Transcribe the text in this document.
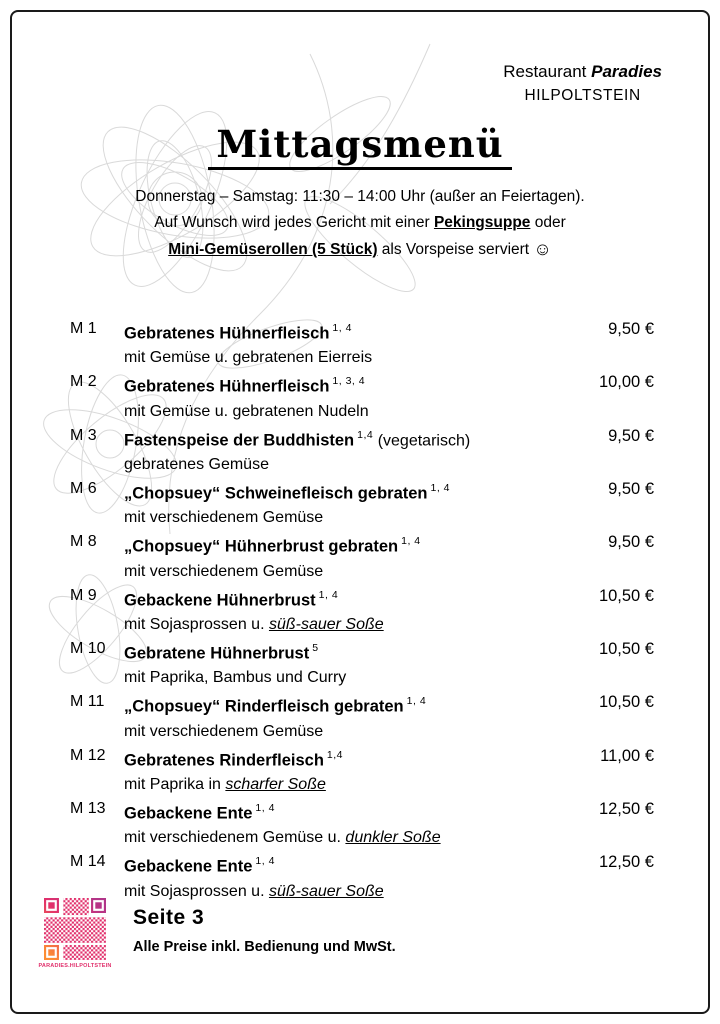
Restaurant Paradies
HILPOLTSTEIN
Mittagsmenü
Donnerstag – Samstag: 11:30 – 14:00 Uhr (außer an Feiertagen).
Auf Wunsch wird jedes Gericht mit einer Pekingsuppe oder
Mini-Gemüserollen (5 Stück) als Vorspeise serviert ☺
M 1	Gebratenes Hühnerfleisch $^{1, 4}$	9,50 €
mit Gemüse u. gebratenen Eierreis
M 2	Gebratenes Hühnerfleisch $^{1, 3, 4}$	10,00 €
mit Gemüse u. gebratenen Nudeln
M 3	Fastenspeise der Buddhisten $^{1,4}$ (vegetarisch)	9,50 €
gebratenes Gemüse
M 6	„Chopsuey“ Schweinefleisch gebraten $^{1, 4}$	9,50 €
mit verschiedenem Gemüse
M 8	„Chopsuey“ Hühnerbrust gebraten $^{1, 4}$	9,50 €
mit verschiedenem Gemüse
M 9	Gebackene Hühnerbrust $^{1, 4}$	10,50 €
mit Sojasprossen u. süß-sauer Soße
M 10	Gebratene Hühnerbrust $^5$	10,50 €
mit Paprika, Bambus und Curry
M 11	„Chopsuey“ Rinderfleisch gebraten $^{1, 4}$	10,50 €
mit verschiedenem Gemüse
M 12	Gebratenes Rinderfleisch $^{1,4}$	11,00 €
mit Paprika in scharfer Soße
M 13	Gebackene Ente $^{1, 4}$	12,50 €
mit verschiedenem Gemüse u. dunkler Soße
M 14	Gebackene Ente $^{1, 4}$	12,50 €
mit Sojasprossen u. süß-sauer Soße
PARADIES.HILPOLTSTEIN
Seite 3
Alle Preise inkl. Bedienung und MwSt.
